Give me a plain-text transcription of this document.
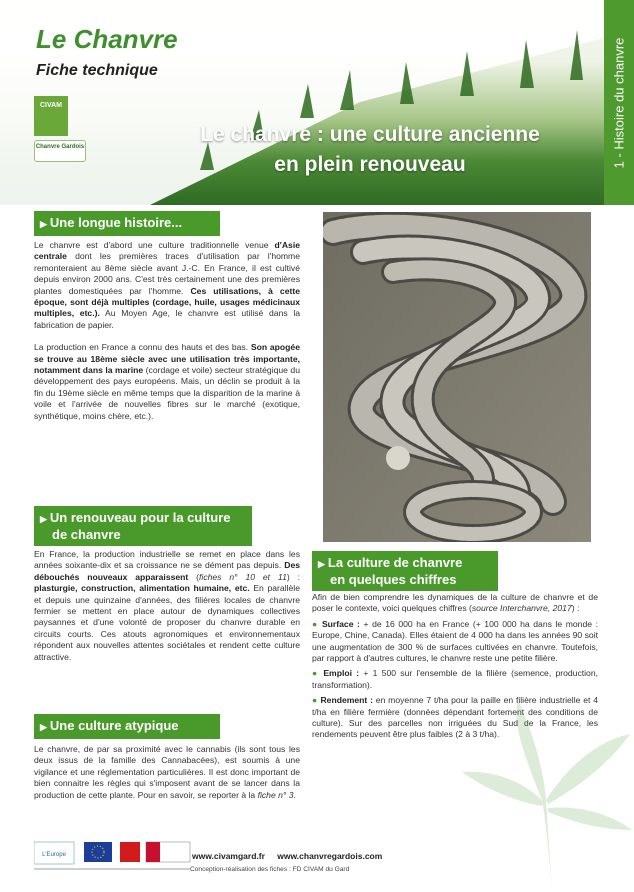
Le Chanvre
Fiche technique
CIVAM
Chanvre Gardois
Le chanvre : une culture ancienne
en plein renouveau	1 - Histoire du chanvre
▶ Une longue histoire...

Le chanvre est d'abord une culture traditionnelle venue d'Asie centrale dont les premières traces d'utilisation par l'homme remonteraient au 8ème siècle avant J.-C. En France, il est cultivé depuis environ 2000 ans. C'est très certainement une des premières plantes domestiquées par l'homme. Ces utilisations, à cette époque, sont déjà multiples (cordage, huile, usages médicinaux multiples, etc.). Au Moyen Age, le chanvre est utilisé dans la fabrication de papier.

La production en France a connu des hauts et des bas. Son apogée se trouve au 18ème siècle avec une utilisation très importante, notamment dans la marine (cordage et voile) secteur stratégique du développement des pays européens. Mais, un déclin se produit à la fin du 19ème siècle en même temps que la disparition de la marine à voile et l'arrivée de nouvelles fibres sur le marché (exotique, synthétique, moins chère, etc.).

▶ Un renouveau pour la culture
de chanvre

En France, la production industrielle se remet en place dans les années soixante-dix et sa croissance ne se dément pas depuis. Des débouchés nouveaux apparaissent (fiches n° 10 et 11) : plasturgie, construction, alimentation humaine, etc. En parallèle et depuis une quinzaine d'années, des filières locales de chanvre fermier se mettent en place autour de dynamiques collectives paysannes et d'une volonté de proposer du chanvre durable en circuits courts. Ces atouts agronomiques et environnementaux répondent aux nouvelles attentes sociétales et rendent cette culture attractive.

▶ Une culture atypique

Le chanvre, de par sa proximité avec le cannabis (ils sont tous les deux issus de la famille des Cannabacées), est soumis à une vigilance et une réglementation particulières. Il est donc important de bien connaitre les règles qui s'imposent avant de se lancer dans la production de cette plante. Pour en savoir, se reporter à la fiche n° 3.

▶ La culture de chanvre
en quelques chiffres

Afin de bien comprendre les dynamiques de la culture de chanvre et de poser le contexte, voici quelques chiffres (source Interchanvre, 2017) :

● Surface : + de 16 000 ha en France (+ 100 000 ha dans le monde : Europe, Chine, Canada). Elles étaient de 4 000 ha dans les années 90 soit une augmentation de 300 % de surfaces cultivées en chanvre. Toutefois, par rapport à d'autres cultures, le chanvre reste une petite filière.

● Emploi : + 1 500 sur l'ensemble de la filière (semence, production, transformation).

● Rendement : en moyenne 7 t/ha pour la paille en filière industrielle et 4 t/ha en filière fermière (données dépendant fortement des conditions de culture). Sur des parcelles non irriguées du Sud de la France, les rendements peuvent être plus faibles (2 à 3 t/ha).

L'Europe	www.civamgard.fr www.chanvregardois.com
Conception-réalisation des fiches : FD CIVAM du Gard
